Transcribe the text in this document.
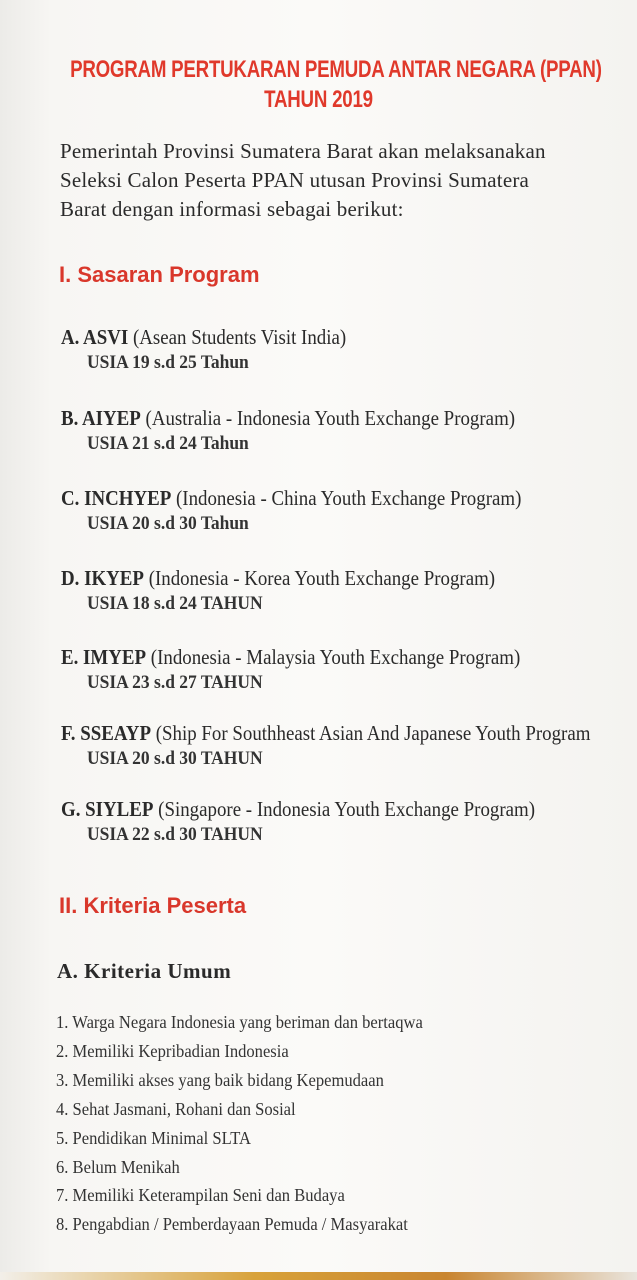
PROGRAM PERTUKARAN PEMUDA ANTAR NEGARA (PPAN)
TAHUN 2019
Pemerintah Provinsi Sumatera Barat akan melaksanakan
Seleksi Calon Peserta PPAN utusan Provinsi Sumatera
Barat dengan informasi sebagai berikut:
I. Sasaran Program
A. ASVI (Asean Students Visit India)
USIA 19 s.d 25 Tahun
B. AIYEP (Australia - Indonesia Youth Exchange Program)
USIA 21 s.d 24 Tahun
C. INCHYEP (Indonesia - China Youth Exchange Program)
USIA 20 s.d 30 Tahun
D. IKYEP (Indonesia - Korea Youth Exchange Program)
USIA 18 s.d 24 TAHUN
E. IMYEP (Indonesia - Malaysia Youth Exchange Program)
USIA 23 s.d 27 TAHUN
F. SSEAYP (Ship For Southheast Asian And Japanese Youth Program
USIA 20 s.d 30 TAHUN
G. SIYLEP (Singapore - Indonesia Youth Exchange Program)
USIA 22 s.d 30 TAHUN
II. Kriteria Peserta
A. Kriteria Umum
1. Warga Negara Indonesia yang beriman dan bertaqwa
2. Memiliki Kepribadian Indonesia
3. Memiliki akses yang baik bidang Kepemudaan
4. Sehat Jasmani, Rohani dan Sosial
5. Pendidikan Minimal SLTA
6. Belum Menikah
7. Memiliki Keterampilan Seni dan Budaya
8. Pengabdian / Pemberdayaan Pemuda / Masyarakat
